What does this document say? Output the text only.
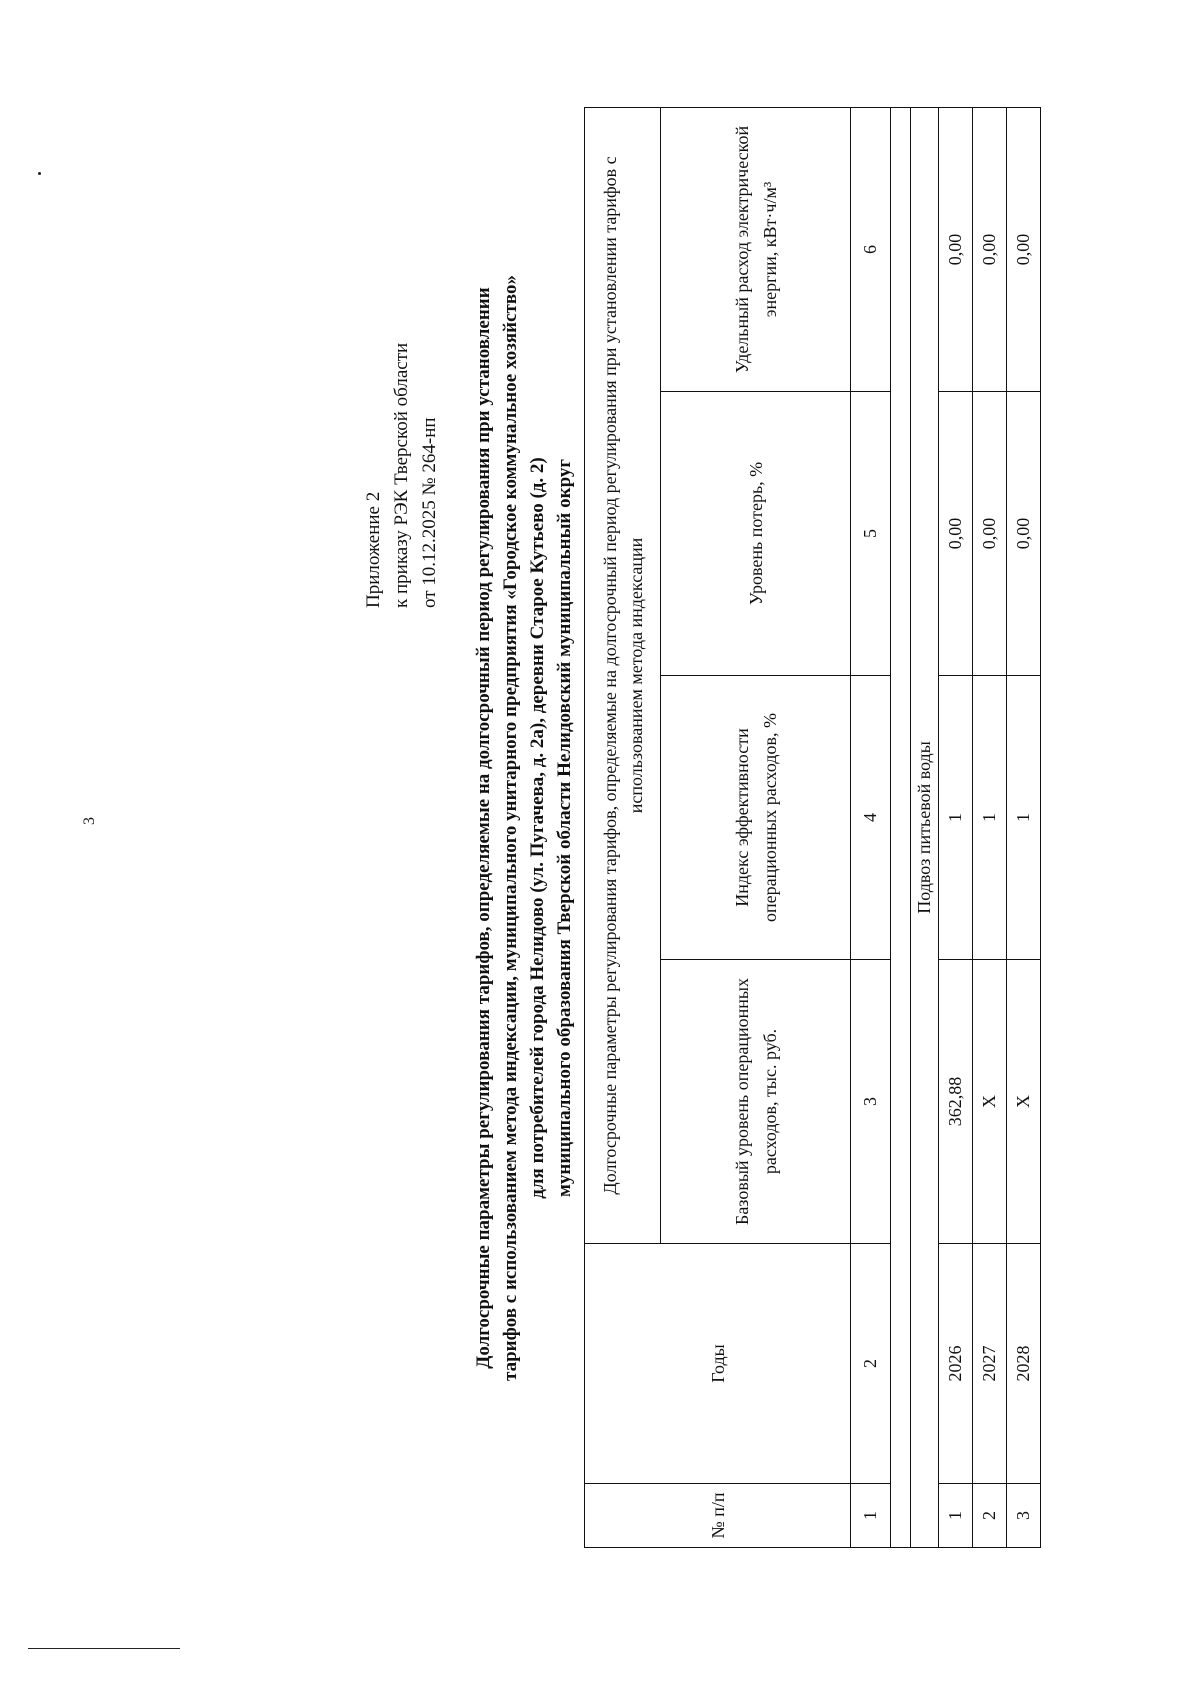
3
Приложение 2 к приказу РЭК Тверской области от 10.12.2025 № 264-нп Долгосрочные параметры регулирования тарифов, определяемые на долгосрочный период регулирования при установлении тарифов с использованием метода индексации, муниципального унитарного предприятия «Городское коммунальное хозяйство» для потребителей города Нелидово (ул. Пугачева, д. 2а), деревни Старое Кутьево (д. 2) муниципального образования Тверской области Нелидовский муниципальный округ
№ п/п	Годы	Долгосрочные параметры регулирования тарифов, определяемые на долгосрочный период регулирования при установлении тарифов с использованием метода индексации			
		Базовый уровень операционных расходов, тыс. руб.	Индекс эффективности операционных расходов, %	Уровень потерь, %	Удельный расход электрической энергии, кВт·ч/м³
1	2	3	4	5	6

Подвоз питьевой воды					
1	2026	362,88	1	0,00	0,00
2	2027	X	1	0,00	0,00
3	2028	X	1	0,00	0,00
